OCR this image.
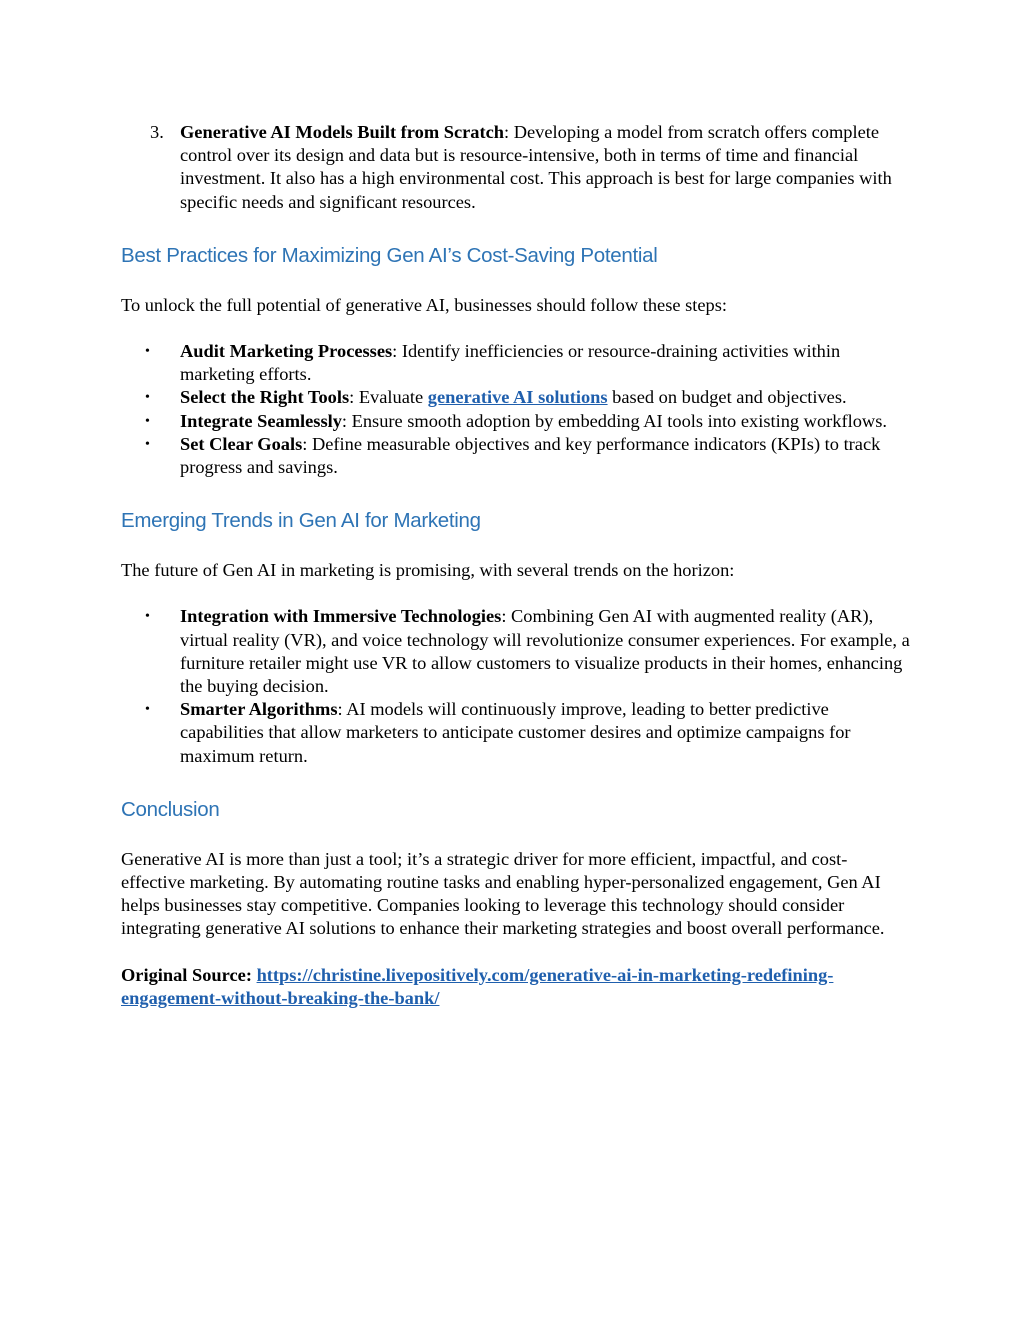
3. Generative AI Models Built from Scratch: Developing a model from scratch offers complete control over its design and data but is resource-intensive, both in terms of time and financial investment. It also has a high environmental cost. This approach is best for large companies with specific needs and significant resources.
Best Practices for Maximizing Gen AI’s Cost-Saving Potential

To unlock the full potential of generative AI, businesses should follow these steps:

• Audit Marketing Processes: Identify inefficiencies or resource-draining activities within marketing efforts.
• Select the Right Tools: Evaluate generative AI solutions based on budget and objectives.
• Integrate Seamlessly: Ensure smooth adoption by embedding AI tools into existing workflows.
• Set Clear Goals: Define measurable objectives and key performance indicators (KPIs) to track progress and savings.
Emerging Trends in Gen AI for Marketing

The future of Gen AI in marketing is promising, with several trends on the horizon:

• Integration with Immersive Technologies: Combining Gen AI with augmented reality (AR), virtual reality (VR), and voice technology will revolutionize consumer experiences. For example, a furniture retailer might use VR to allow customers to visualize products in their homes, enhancing the buying decision.
• Smarter Algorithms: AI models will continuously improve, leading to better predictive capabilities that allow marketers to anticipate customer desires and optimize campaigns for maximum return.
Conclusion

Generative AI is more than just a tool; it’s a strategic driver for more efficient, impactful, and cost-effective marketing. By automating routine tasks and enabling hyper-personalized engagement, Gen AI helps businesses stay competitive. Companies looking to leverage this technology should consider integrating generative AI solutions to enhance their marketing strategies and boost overall performance.

Original Source: https://christine.livepositively.com/generative-ai-in-marketing-redefining-engagement-without-breaking-the-bank/
